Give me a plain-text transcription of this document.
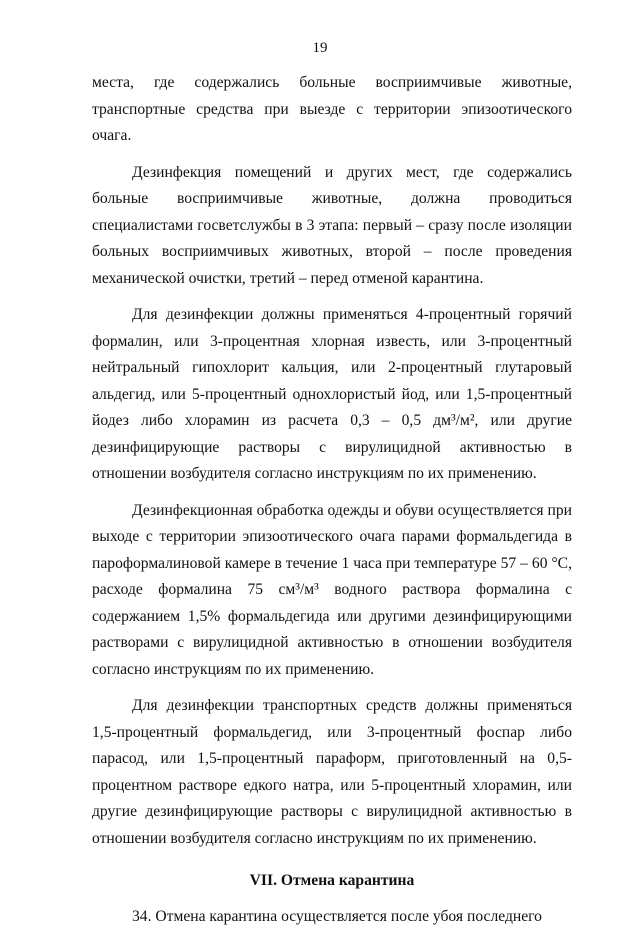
19

места, где содержались больные восприимчивые животные, транспортные средства при выезде с территории эпизоотического очага.

Дезинфекция помещений и других мест, где содержались больные восприимчивые животные, должна проводиться специалистами госветслужбы в 3 этапа: первый – сразу после изоляции больных восприимчивых животных, второй – после проведения механической очистки, третий – перед отменой карантина.

Для дезинфекции должны применяться 4-процентный горячий формалин, или 3-процентная хлорная известь, или 3-процентный нейтральный гипохлорит кальция, или 2-процентный глутаровый альдегид, или 5-процентный однохлористый йод, или 1,5-процентный йодез либо хлорамин из расчета 0,3 – 0,5 дм³/м², или другие дезинфицирующие растворы с вирулицидной активностью в отношении возбудителя согласно инструкциям по их применению.

Дезинфекционная обработка одежды и обуви осуществляется при выходе с территории эпизоотического очага парами формальдегида в пароформалиновой камере в течение 1 часа при температуре 57 – 60 °С, расходе формалина 75 см³/м³ водного раствора формалина с содержанием 1,5% формальдегида или другими дезинфицирующими растворами с вирулицидной активностью в отношении возбудителя согласно инструкциям по их применению.

Для дезинфекции транспортных средств должны применяться 1,5-процентный формальдегид, или 3-процентный фоспар либо парасод, или 1,5-процентный параформ, приготовленный на 0,5-процентном растворе едкого натра, или 5-процентный хлорамин, или другие дезинфицирующие растворы с вирулицидной активностью в отношении возбудителя согласно инструкциям по их применению.

VII. Отмена карантина

34. Отмена карантина осуществляется после убоя последнего
